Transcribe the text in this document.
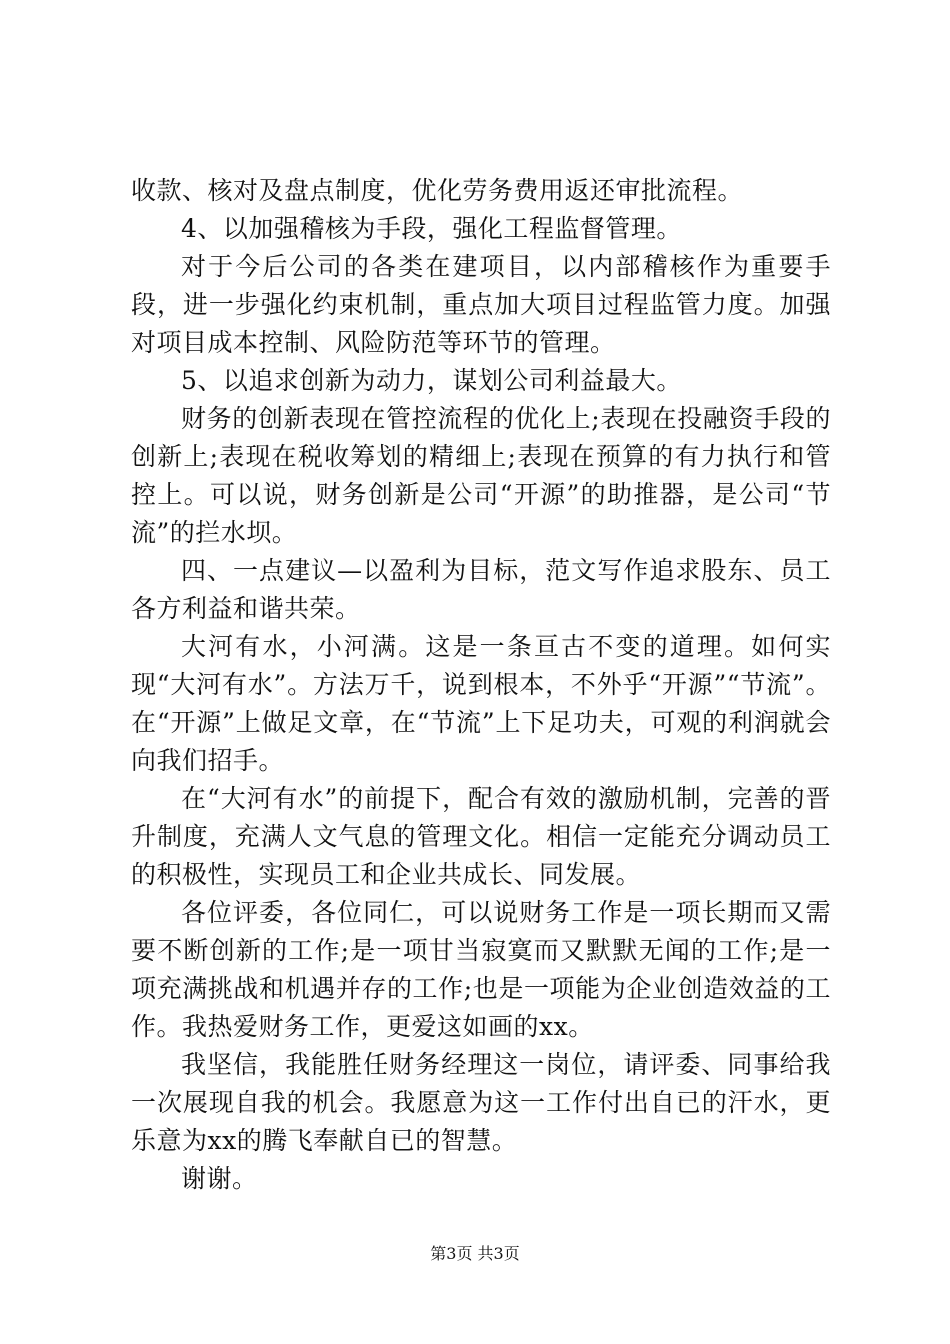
收款、核对及盘点制度，优化劳务费用返还审批流程。

4、以加强稽核为手段，强化工程监督管理。

对于今后公司的各类在建项目，以内部稽核作为重要手段，进一步强化约束机制，重点加大项目过程监管力度。加强对项目成本控制、风险防范等环节的管理。

5、以追求创新为动力，谋划公司利益最大。

财务的创新表现在管控流程的优化上;表现在投融资手段的创新上;表现在税收筹划的精细上;表现在预算的有力执行和管控上。可以说，财务创新是公司“开源”的助推器，是公司“节流”的拦水坝。

四、一点建议—以盈利为目标，范文写作追求股东、员工各方利益和谐共荣。

大河有水，小河满。这是一条亘古不变的道理。如何实现“大河有水”。方法万千，说到根本，不外乎“开源”“节流”。在“开源”上做足文章，在“节流”上下足功夫，可观的利润就会向我们招手。

在“大河有水”的前提下，配合有效的激励机制，完善的晋升制度，充满人文气息的管理文化。相信一定能充分调动员工的积极性，实现员工和企业共成长、同发展。

各位评委，各位同仁，可以说财务工作是一项长期而又需要不断创新的工作;是一项甘当寂寞而又默默无闻的工作;是一项充满挑战和机遇并存的工作;也是一项能为企业创造效益的工作。我热爱财务工作，更爱这如画的xx。

我坚信，我能胜任财务经理这一岗位，请评委、同事给我一次展现自我的机会。我愿意为这一工作付出自已的汗水，更乐意为xx的腾飞奉献自已的智慧。

谢谢。

第3页 共3页
